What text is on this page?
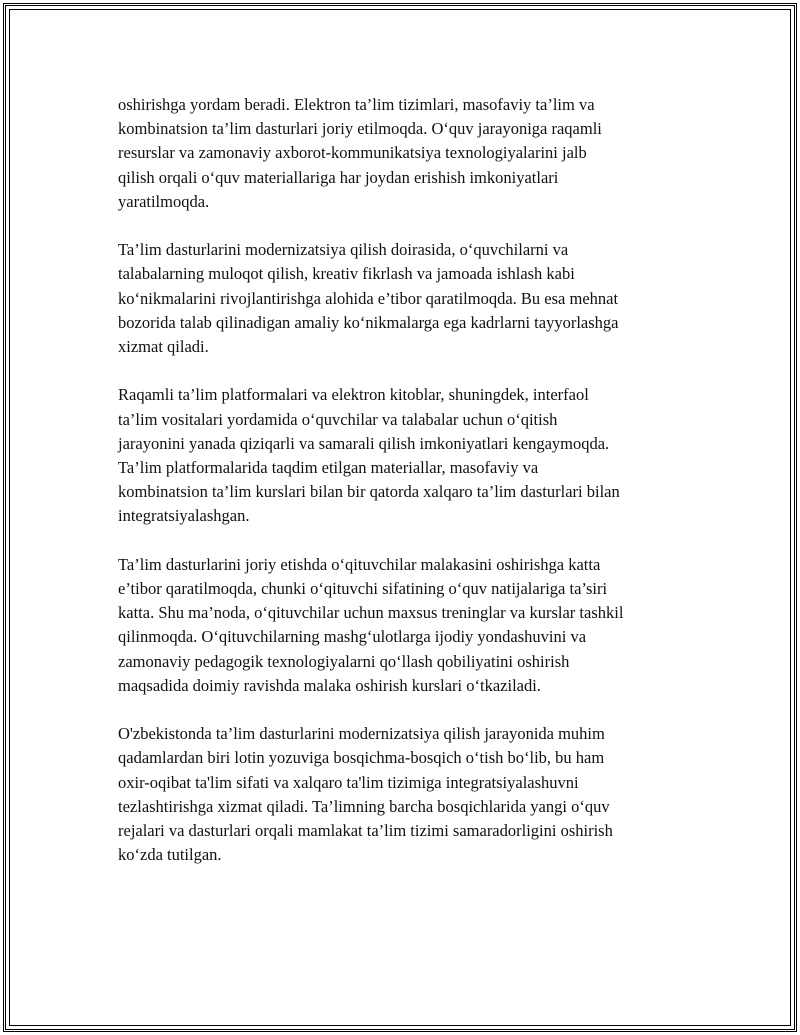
oshirishga yordam beradi. Elektron ta’lim tizimlari, masofaviy ta’lim va
kombinatsion ta’lim dasturlari joriy etilmoqda. O‘quv jarayoniga raqamli
resurslar va zamonaviy axborot-kommunikatsiya texnologiyalarini jalb
qilish orqali o‘quv materiallariga har joydan erishish imkoniyatlari
yaratilmoqda.

Ta’lim dasturlarini modernizatsiya qilish doirasida, o‘quvchilarni va
talabalarning muloqot qilish, kreativ fikrlash va jamoada ishlash kabi
ko‘nikmalarini rivojlantirishga alohida e’tibor qaratilmoqda. Bu esa mehnat
bozorida talab qilinadigan amaliy ko‘nikmalarga ega kadrlarni tayyorlashga
xizmat qiladi.

Raqamli ta’lim platformalari va elektron kitoblar, shuningdek, interfaol
ta’lim vositalari yordamida o‘quvchilar va talabalar uchun o‘qitish
jarayonini yanada qiziqarli va samarali qilish imkoniyatlari kengaymoqda.
Ta’lim platformalarida taqdim etilgan materiallar, masofaviy va
kombinatsion ta’lim kurslari bilan bir qatorda xalqaro ta’lim dasturlari bilan
integratsiyalashgan.

Ta’lim dasturlarini joriy etishda o‘qituvchilar malakasini oshirishga katta
e’tibor qaratilmoqda, chunki o‘qituvchi sifatining o‘quv natijalariga ta’siri
katta. Shu ma’noda, o‘qituvchilar uchun maxsus treninglar va kurslar tashkil
qilinmoqda. O‘qituvchilarning mashg‘ulotlarga ijodiy yondashuvini va
zamonaviy pedagogik texnologiyalarni qo‘llash qobiliyatini oshirish
maqsadida doimiy ravishda malaka oshirish kurslari o‘tkaziladi.

O'zbekistonda ta’lim dasturlarini modernizatsiya qilish jarayonida muhim
qadamlardan biri lotin yozuviga bosqichma-bosqich o‘tish bo‘lib, bu ham
oxir-oqibat ta'lim sifati va xalqaro ta'lim tizimiga integratsiyalashuvni
tezlashtirishga xizmat qiladi. Ta’limning barcha bosqichlarida yangi o‘quv
rejalari va dasturlari orqali mamlakat ta’lim tizimi samaradorligini oshirish
ko‘zda tutilgan.
